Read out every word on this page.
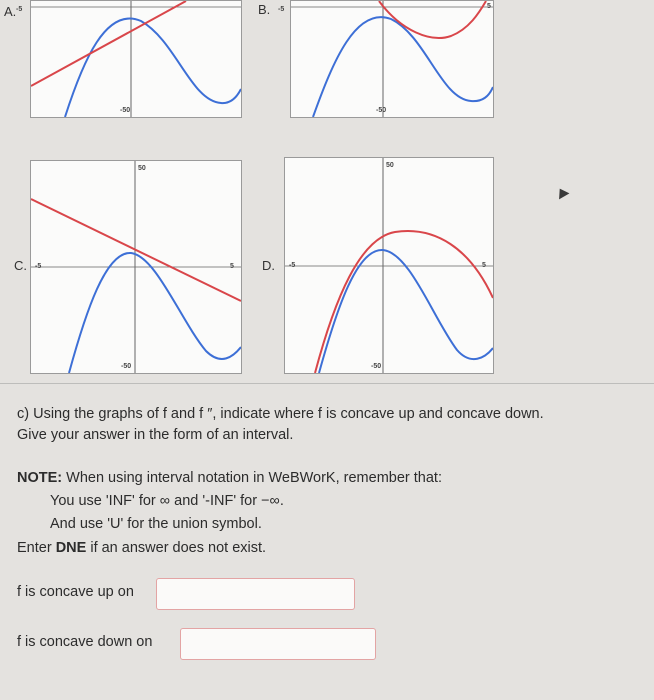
A. -5
-50
B. -5
-50
5
C. -5	5
50
-50
D. -5	5
50
-50
c) Using the graphs of f and f ″, indicate where f is concave up and concave down.
Give your answer in the form of an interval.
NOTE: When using interval notation in WeBWorK, remember that:
You use 'INF' for ∞ and '-INF' for −∞.
And use 'U' for the union symbol.
Enter DNE if an answer does not exist.
f is concave up on
f is concave down on
